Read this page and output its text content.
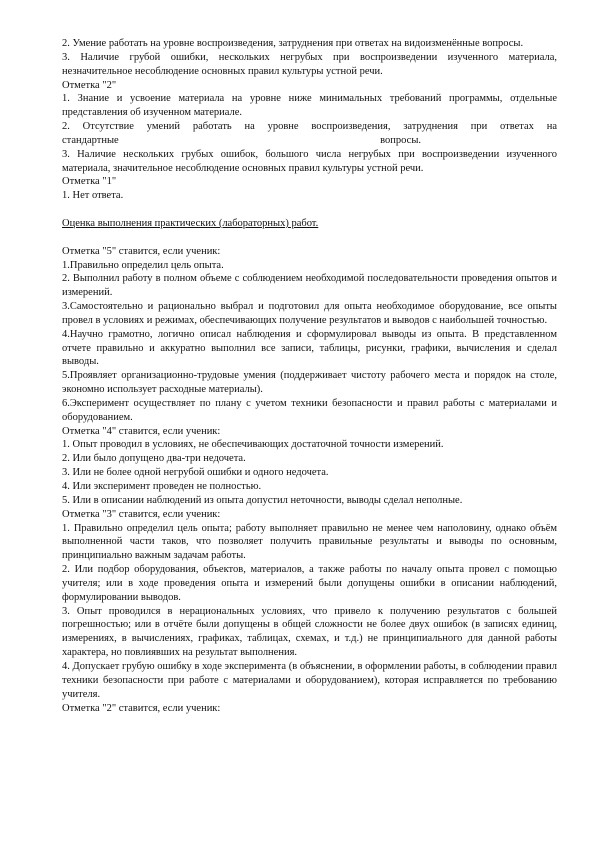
2. Умение работать на уровне воспроизведения, затруднения при ответах на видоизменённые вопросы.

3. Наличие грубой ошибки, нескольких негрубых при воспроизведении изученного материала, незначительное несоблюдение основных правил культуры устной речи.

Отметка "2"

1. Знание и усвоение материала на уровне ниже минимальных требований программы, отдельные представления об изученном материале.

2. Отсутствие умений работать на уровне воспроизведения, затруднения при ответах на

стандартные	вопросы.

3. Наличие нескольких грубых ошибок, большого числа негрубых при воспроизведении изученного материала, значительное несоблюдение основных правил культуры устной речи.

Отметка "1"

1. Нет ответа.

Оценка выполнения практических (лабораторных) работ.

Отметка "5" ставится, если ученик:

1.Правильно определил цель опыта.

2. Выполнил работу в полном объеме с соблюдением необходимой последовательности проведения опытов и измерений.

3.Самостоятельно и рационально выбрал и подготовил для опыта необходимое оборудование, все опыты провел в условиях и режимах, обеспечивающих получение результатов и выводов с наибольшей точностью.

4.Научно грамотно, логично описал наблюдения и сформулировал выводы из опыта. В представленном отчете правильно и аккуратно выполнил все записи, таблицы, рисунки, графики, вычисления и сделал выводы.

5.Проявляет организационно-трудовые умения (поддерживает чистоту рабочего места и порядок на столе, экономно использует расходные материалы).

6.Эксперимент осуществляет по плану с учетом техники безопасности и правил работы с материалами и оборудованием.

Отметка "4" ставится, если ученик:

1. Опыт проводил в условиях, не обеспечивающих достаточной точности измерений.

2. Или было допущено два-три недочета.

3. Или не более одной негрубой ошибки и одного недочета.

4. Или эксперимент проведен не полностью.

5. Или в описании наблюдений из опыта допустил неточности, выводы сделал неполные.

Отметка "3" ставится, если ученик:

1. Правильно определил цель опыта; работу выполняет правильно не менее чем наполовину, однако объём выполненной части таков, что позволяет получить правильные результаты и выводы по основным, принципиально важным задачам работы.

2. Или подбор оборудования, объектов, материалов, а также работы по началу опыта провел с помощью учителя; или в ходе проведения опыта и измерений были допущены ошибки в описании наблюдений, формулировании выводов.

3. Опыт проводился в нерациональных условиях, что привело к получению результатов с большей погрешностью; или в отчёте были допущены в общей сложности не более двух ошибок (в записях единиц, измерениях, в вычислениях, графиках, таблицах, схемах, и т.д.) не принципиального для данной работы характера, но повлиявших на результат выполнения.

4. Допускает грубую ошибку в ходе эксперимента (в объяснении, в оформлении работы, в соблюдении правил техники безопасности при работе с материалами и оборудованием), которая исправляется по требованию учителя.

Отметка "2" ставится, если ученик:
